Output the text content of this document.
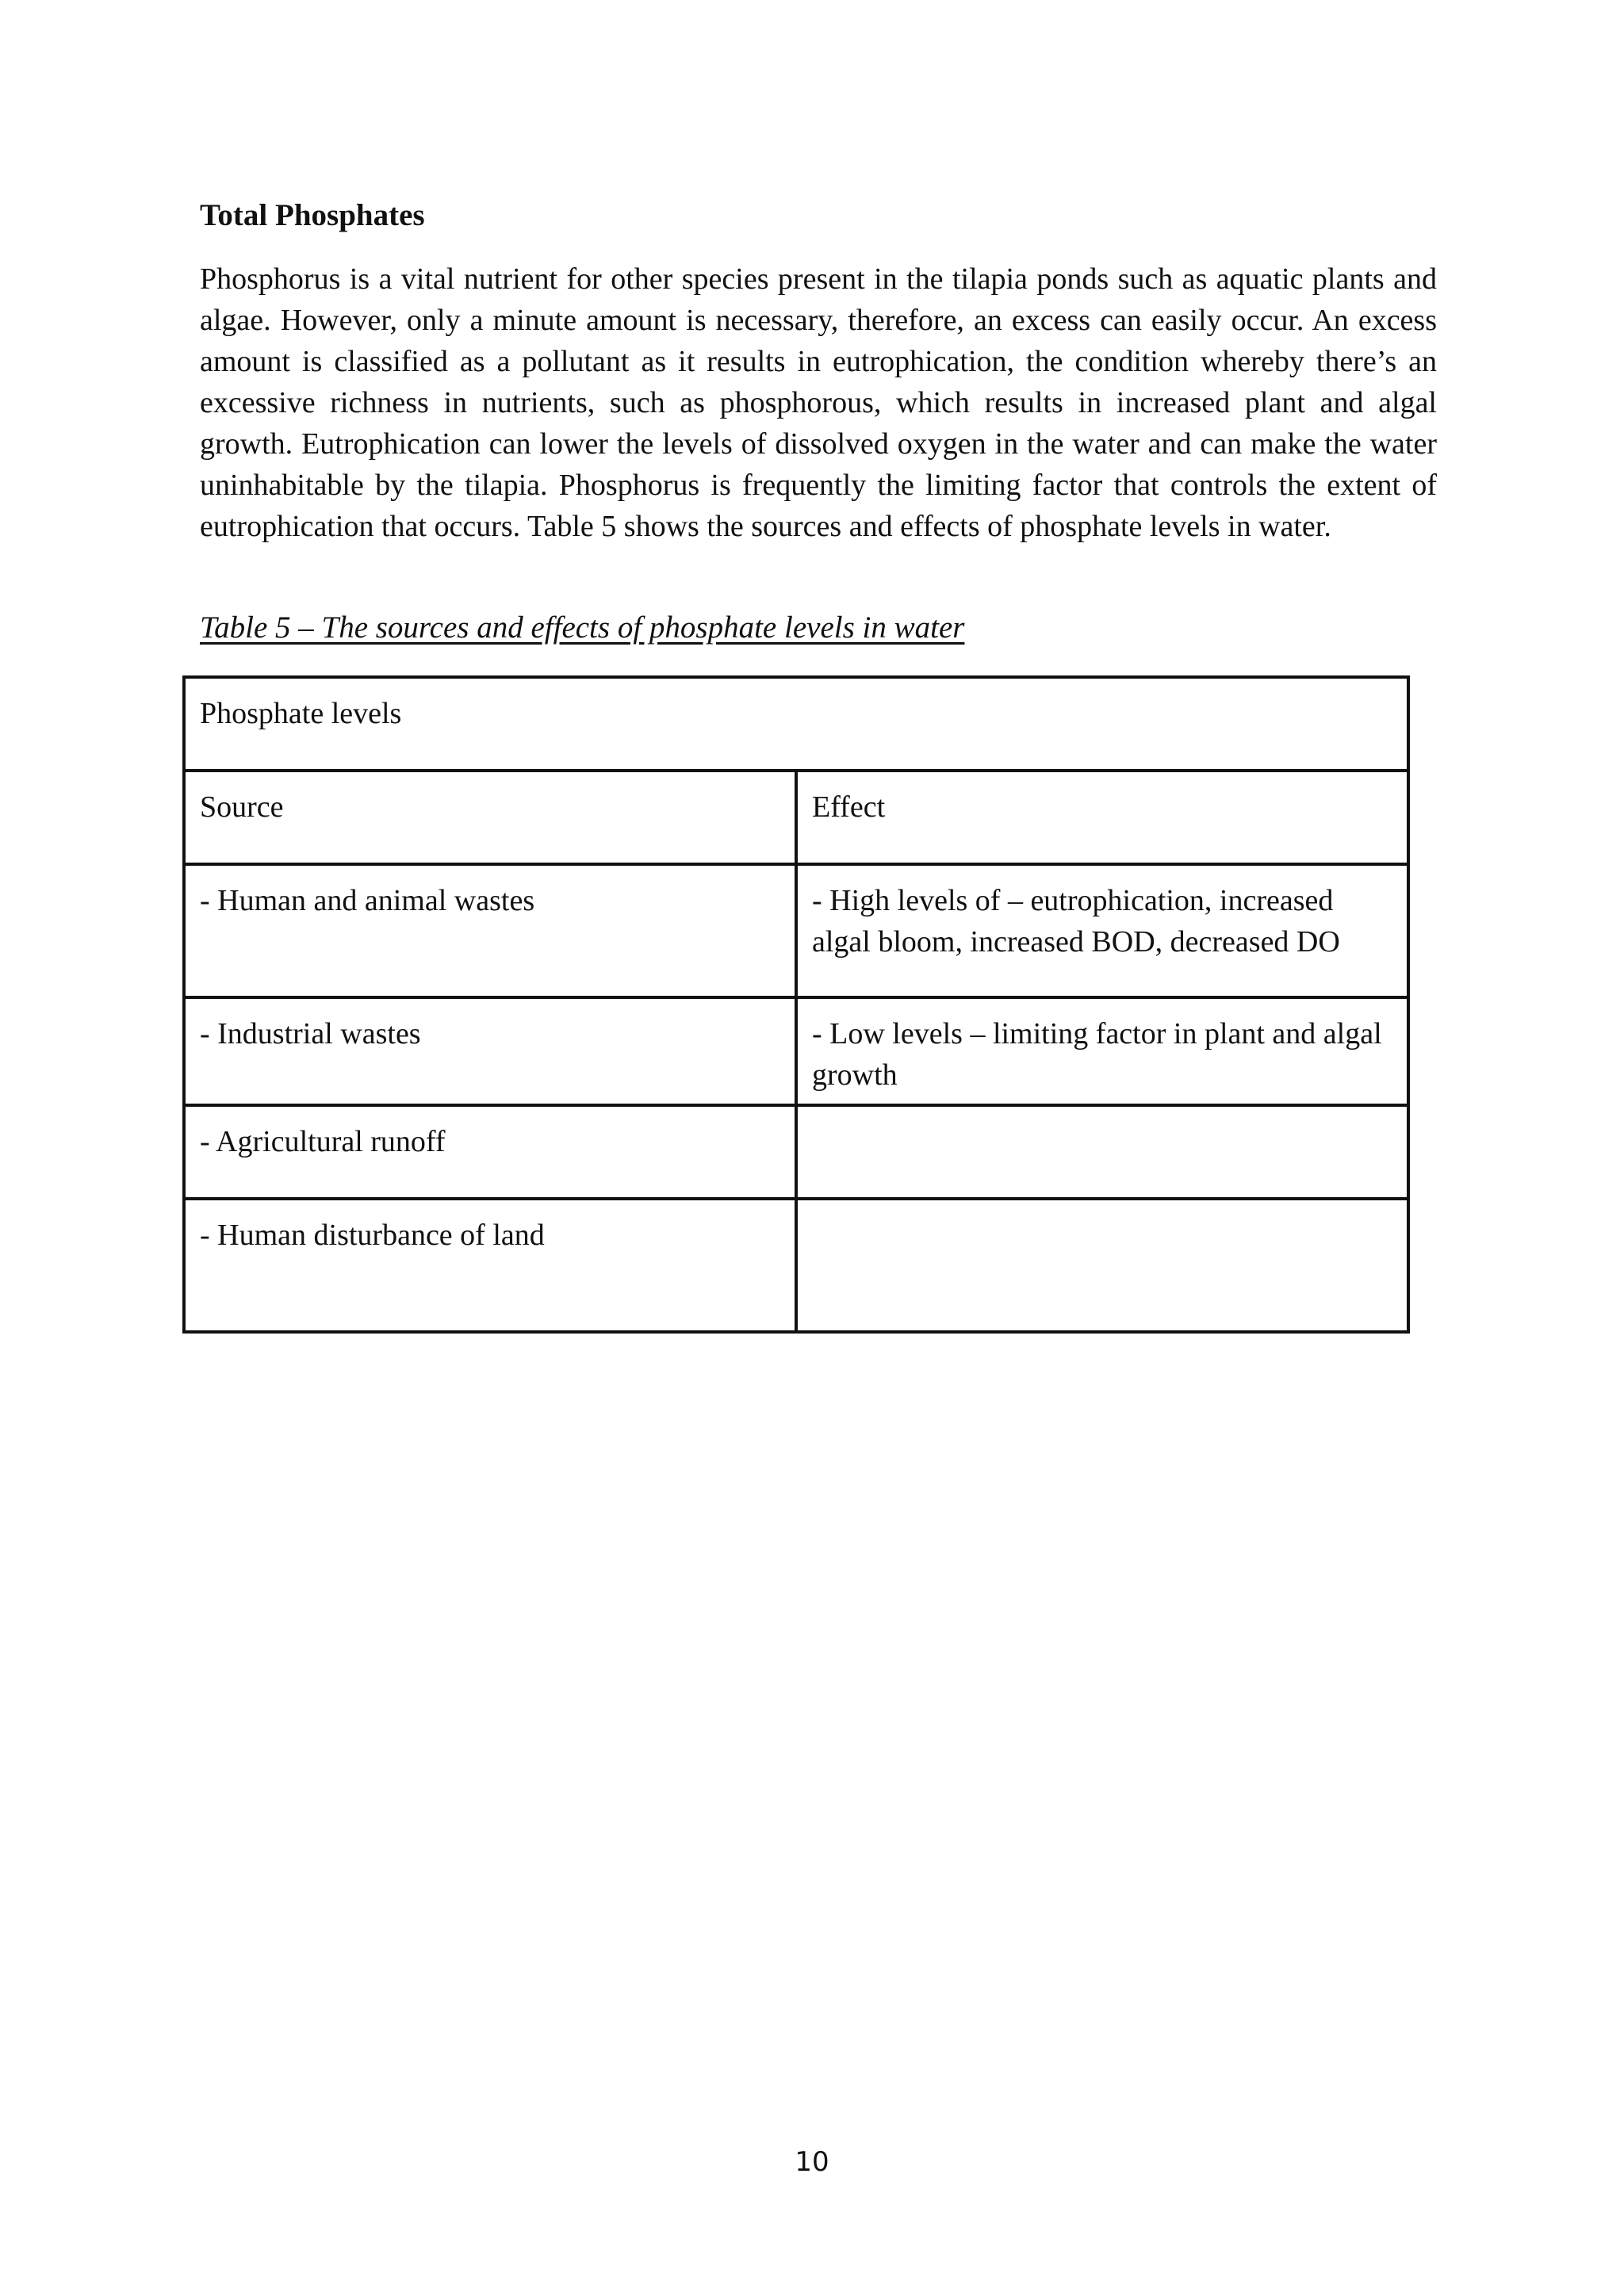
Total Phosphates

Phosphorus is a vital nutrient for other species present in the tilapia ponds such as aquatic plants and algae. However, only a minute amount is necessary, therefore, an excess can easily occur. An excess amount is classified as a pollutant as it results in eutrophication, the condition whereby there’s an excessive richness in nutrients, such as phosphorous, which results in increased plant and algal growth. Eutrophication can lower the levels of dissolved oxygen in the water and can make the water uninhabitable by the tilapia. Phosphorus is frequently the limiting factor that controls the extent of eutrophication that occurs. Table 5 shows the sources and effects of phosphate levels in water.

Table 5 – The sources and effects of phosphate levels in water

Phosphate levels	
Source	Effect
- Human and animal wastes	- High levels of – eutrophication, increased algal bloom, increased BOD, decreased DO
- Industrial wastes	- Low levels – limiting factor in plant and algal growth
- Agricultural runoff	
- Human disturbance of land	

10
